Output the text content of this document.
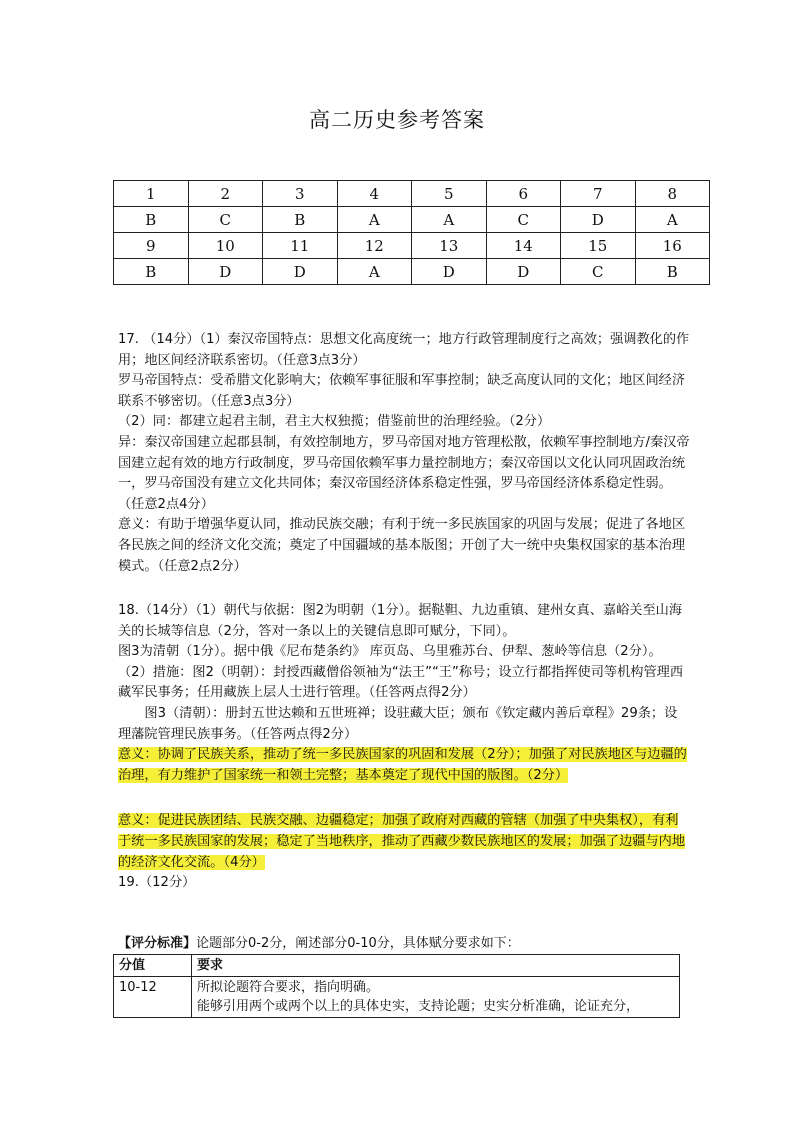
高二历史参考答案
1	2	3	4	5	6	7	8
B	C	B	A	A	C	D	A
9	10	11	12	13	14	15	16
B	D	D	A	D	D	C	B

17. （14分）（1）秦汉帝国特点：思想文化高度统一；地方行政管理制度行之高效；强调教化的作用；地区间经济联系密切。（任意3点3分）

罗马帝国特点：受希腊文化影响大；依赖军事征服和军事控制；缺乏高度认同的文化；地区间经济联系不够密切。（任意3点3分）

（2）同：都建立起君主制，君主大权独揽；借鉴前世的治理经验。（2分）

异：秦汉帝国建立起郡县制，有效控制地方，罗马帝国对地方管理松散，依赖军事控制地方/秦汉帝国建立起有效的地方行政制度，罗马帝国依赖军事力量控制地方；秦汉帝国以文化认同巩固政治统一，罗马帝国没有建立文化共同体；秦汉帝国经济体系稳定性强，罗马帝国经济体系稳定性弱。（任意2点4分）

意义：有助于增强华夏认同，推动民族交融；有利于统一多民族国家的巩固与发展；促进了各地区各民族之间的经济文化交流；奠定了中国疆域的基本版图；开创了大一统中央集权国家的基本治理模式。（任意2点2分）

18.（14分）（1）朝代与依据：图2为明朝（1分）。据鞑靼、九边重镇、建州女真、嘉峪关至山海关的长城等信息（2分，答对一条以上的关键信息即可赋分，下同）。

图3为清朝（1分）。据中俄《尼布楚条约》 库页岛、乌里雅苏台、伊犁、葱岭等信息（2分）。

（2）措施：图2（明朝）：封授西藏僧俗领袖为“法王”“王”称号；设立行都指挥使司等机构管理西藏军民事务；任用藏族上层人士进行管理。（任答两点得2分）

图3（清朝）：册封五世达赖和五世班禅；设驻藏大臣；颁布《钦定藏内善后章程》29条；设理藩院管理民族事务。（任答两点得2分）

意义：协调了民族关系，推动了统一多民族国家的巩固和发展（2分）；加强了对民族地区与边疆的治理，有力维护了国家统一和领土完整；基本奠定了现代中国的版图。（2分）

意义：促进民族团结、民族交融、边疆稳定；加强了政府对西藏的管辖（加强了中央集权），有利于统一多民族国家的发展；稳定了当地秩序，推动了西藏少数民族地区的发展；加强了边疆与内地的经济文化交流。（4分）

19.（12分）

【评分标准】论题部分0-2分，阐述部分0-10分，具体赋分要求如下：
分值	要求
10-12	所拟论题符合要求，指向明确。
能够引用两个或两个以上的具体史实，支持论题；史实分析准确，论证充分，
